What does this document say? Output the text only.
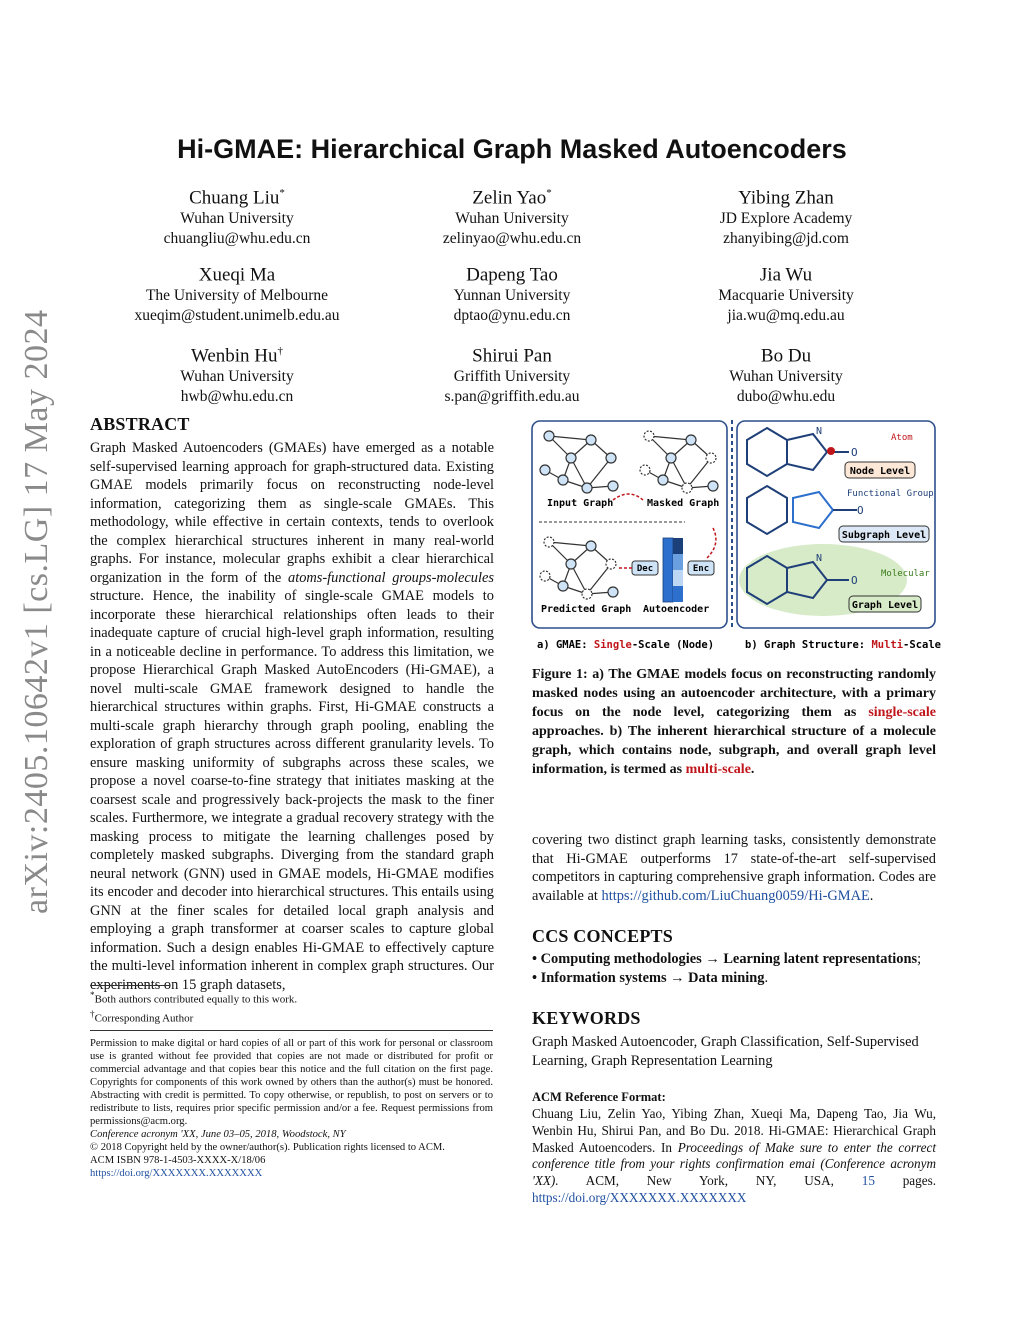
arXiv:2405.10642v1 [cs.LG] 17 May 2024
Hi-GMAE: Hierarchical Graph Masked Autoencoders
Chuang Liu*
Wuhan University
chuangliu@whu.edu.cn
Zelin Yao*
Wuhan University
zelinyao@whu.edu.cn
Yibing Zhan
JD Explore Academy
zhanyibing@jd.com
Xueqi Ma
The University of Melbourne
xueqim@student.unimelb.edu.au
Dapeng Tao
Yunnan University
dptao@ynu.edu.cn
Jia Wu
Macquarie University
jia.wu@mq.edu.au
Wenbin Hu†
Wuhan University
hwb@whu.edu.cn
Shirui Pan
Griffith University
s.pan@griffith.edu.au
Bo Du
Wuhan University
dubo@whu.edu
ABSTRACT
Graph Masked Autoencoders (GMAEs) have emerged as a notable self-supervised learning approach for graph-structured data. Existing GMAE models primarily focus on reconstructing node-level information, categorizing them as single-scale GMAEs. This methodology, while effective in certain contexts, tends to overlook the complex hierarchical structures inherent in many real-world graphs. For instance, molecular graphs exhibit a clear hierarchical organization in the form of the atoms-functional groups-molecules structure. Hence, the inability of single-scale GMAE models to incorporate these hierarchical relationships often leads to their inadequate capture of crucial high-level graph information, resulting in a noticeable decline in performance. To address this limitation, we propose Hierarchical Graph Masked AutoEncoders (Hi-GMAE), a novel multi-scale GMAE framework designed to handle the hierarchical structures within graphs. First, Hi-GMAE constructs a multi-scale graph hierarchy through graph pooling, enabling the exploration of graph structures across different granularity levels. To ensure masking uniformity of subgraphs across these scales, we propose a novel coarse-to-fine strategy that initiates masking at the coarsest scale and progressively back-projects the mask to the finer scales. Furthermore, we integrate a gradual recovery strategy with the masking process to mitigate the learning challenges posed by completely masked subgraphs. Diverging from the standard graph neural network (GNN) used in GMAE models, Hi-GMAE modifies its encoder and decoder into hierarchical structures. This entails using GNN at the finer scales for detailed local graph analysis and employing a graph transformer at coarser scales to capture global information. Such a design enables Hi-GMAE to effectively capture the multi-level information inherent in complex graph structures. Our experiments on 15 graph datasets,
Input Graph	Masked Graph
Predicted Graph
Dec	Enc
Autoencoder
N
O
Atom
Node Level
Functional Group
O
Subgraph Level
N
O	Molecular
Graph Level
a) GMAE: Single-Scale (Node)	b) Graph Structure: Multi-Scale
Figure 1: a) The GMAE models focus on reconstructing randomly masked nodes using an autoencoder architecture, with a primary focus on the node level, categorizing them as single-scale approaches. b) The inherent hierarchical structure of a molecule graph, which contains node, subgraph, and overall graph level information, is termed as multi-scale.
covering two distinct graph learning tasks, consistently demonstrate that Hi-GMAE outperforms 17 state-of-the-art self-supervised competitors in capturing comprehensive graph information. Codes are available at https://github.com/LiuChuang0059/Hi-GMAE.
CCS CONCEPTS
• Computing methodologies → Learning latent representations;
• Information systems → Data mining.
KEYWORDS
Graph Masked Autoencoder, Graph Classification, Self-Supervised Learning, Graph Representation Learning
*Both authors contributed equally to this work.
†Corresponding Author
Permission to make digital or hard copies of all or part of this work for personal or classroom use is granted without fee provided that copies are not made or distributed for profit or commercial advantage and that copies bear this notice and the full citation on the first page. Copyrights for components of this work owned by others than the author(s) must be honored. Abstracting with credit is permitted. To copy otherwise, or republish, to post on servers or to redistribute to lists, requires prior specific permission and/or a fee. Request permissions from permissions@acm.org.
Conference acronym 'XX, June 03–05, 2018, Woodstock, NY
© 2018 Copyright held by the owner/author(s). Publication rights licensed to ACM.
ACM ISBN 978-1-4503-XXXX-X/18/06
https://doi.org/XXXXXXX.XXXXXXX
ACM Reference Format:
Chuang Liu, Zelin Yao, Yibing Zhan, Xueqi Ma, Dapeng Tao, Jia Wu, Wenbin Hu, Shirui Pan, and Bo Du. 2018. Hi-GMAE: Hierarchical Graph Masked Autoencoders. In Proceedings of Make sure to enter the correct conference title from your rights confirmation emai (Conference acronym 'XX). ACM, New York, NY, USA, 15 pages. https://doi.org/XXXXXXX.XXXXXXX
